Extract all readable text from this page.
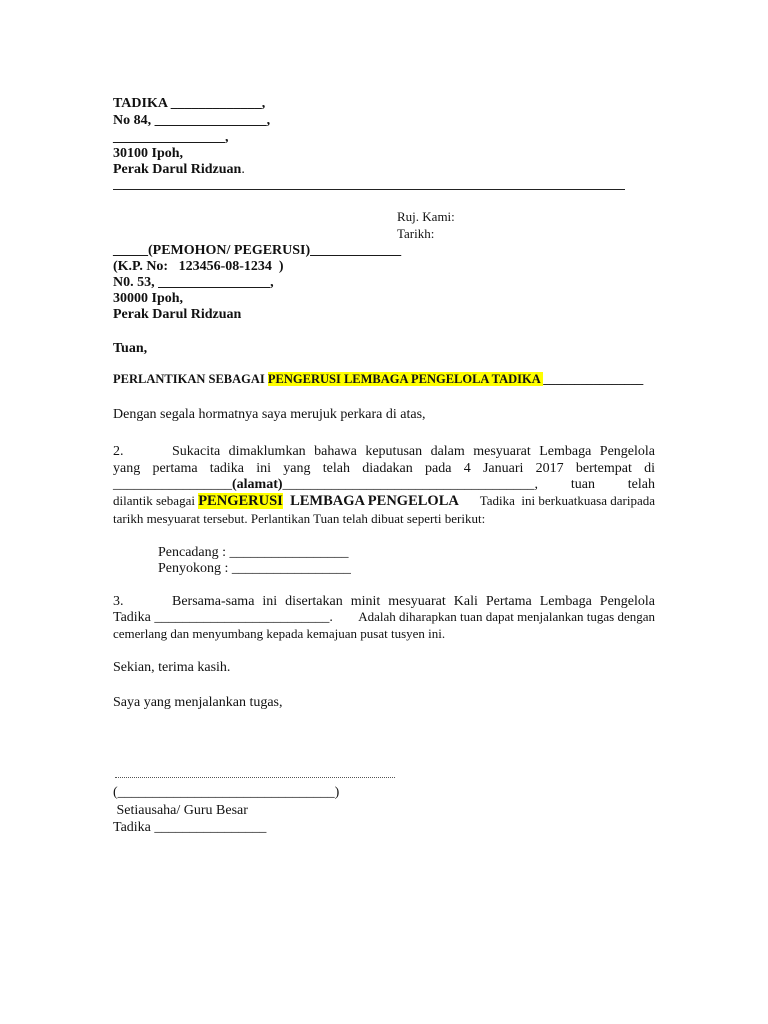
TADIKA _____________,
No 84, ________________,
________________,
30100 Ipoh,
Perak Darul Ridzuan.
Ruj. Kami:
Tarikh:
_____(PEMOHON/ PEGERUSI)_____________
(K.P. No:   123456-08-1234  )
N0. 53, ________________,
30000 Ipoh,
Perak Darul Ridzuan
Tuan,
PERLANTIKAN SEBAGAI PENGERUSI LEMBAGA PENGELOLA TADIKA ________________
Dengan segala hormatnya saya merujuk perkara di atas,
2.	Sukacita dimaklumkan bahawa keputusan dalam mesyuarat Lembaga Pengelola
yang pertama tadika ini yang telah diadakan pada 4 Januari 2017 bertempat di
_________________(alamat)____________________________________, tuan telah
dilantik sebagai PENGERUSI  LEMBAGA PENGELOLA Tadika  ini berkuatkuasa daripada
tarikh mesyuarat tersebut. Perlantikan Tuan telah dibuat seperti berikut:
Pencadang : _________________
Penyokong : _________________
3.	Bersama-sama ini disertakan minit mesyuarat Kali Pertama Lembaga Pengelola
Tadika _________________________. Adalah diharapkan tuan dapat menjalankan tugas dengan
cemerlang dan menyumbang kepada kemajuan pusat tusyen ini.
Sekian, terima kasih.
Saya yang menjalankan tugas,
(_______________________________)
Setiausaha/ Guru Besar
Tadika ________________
